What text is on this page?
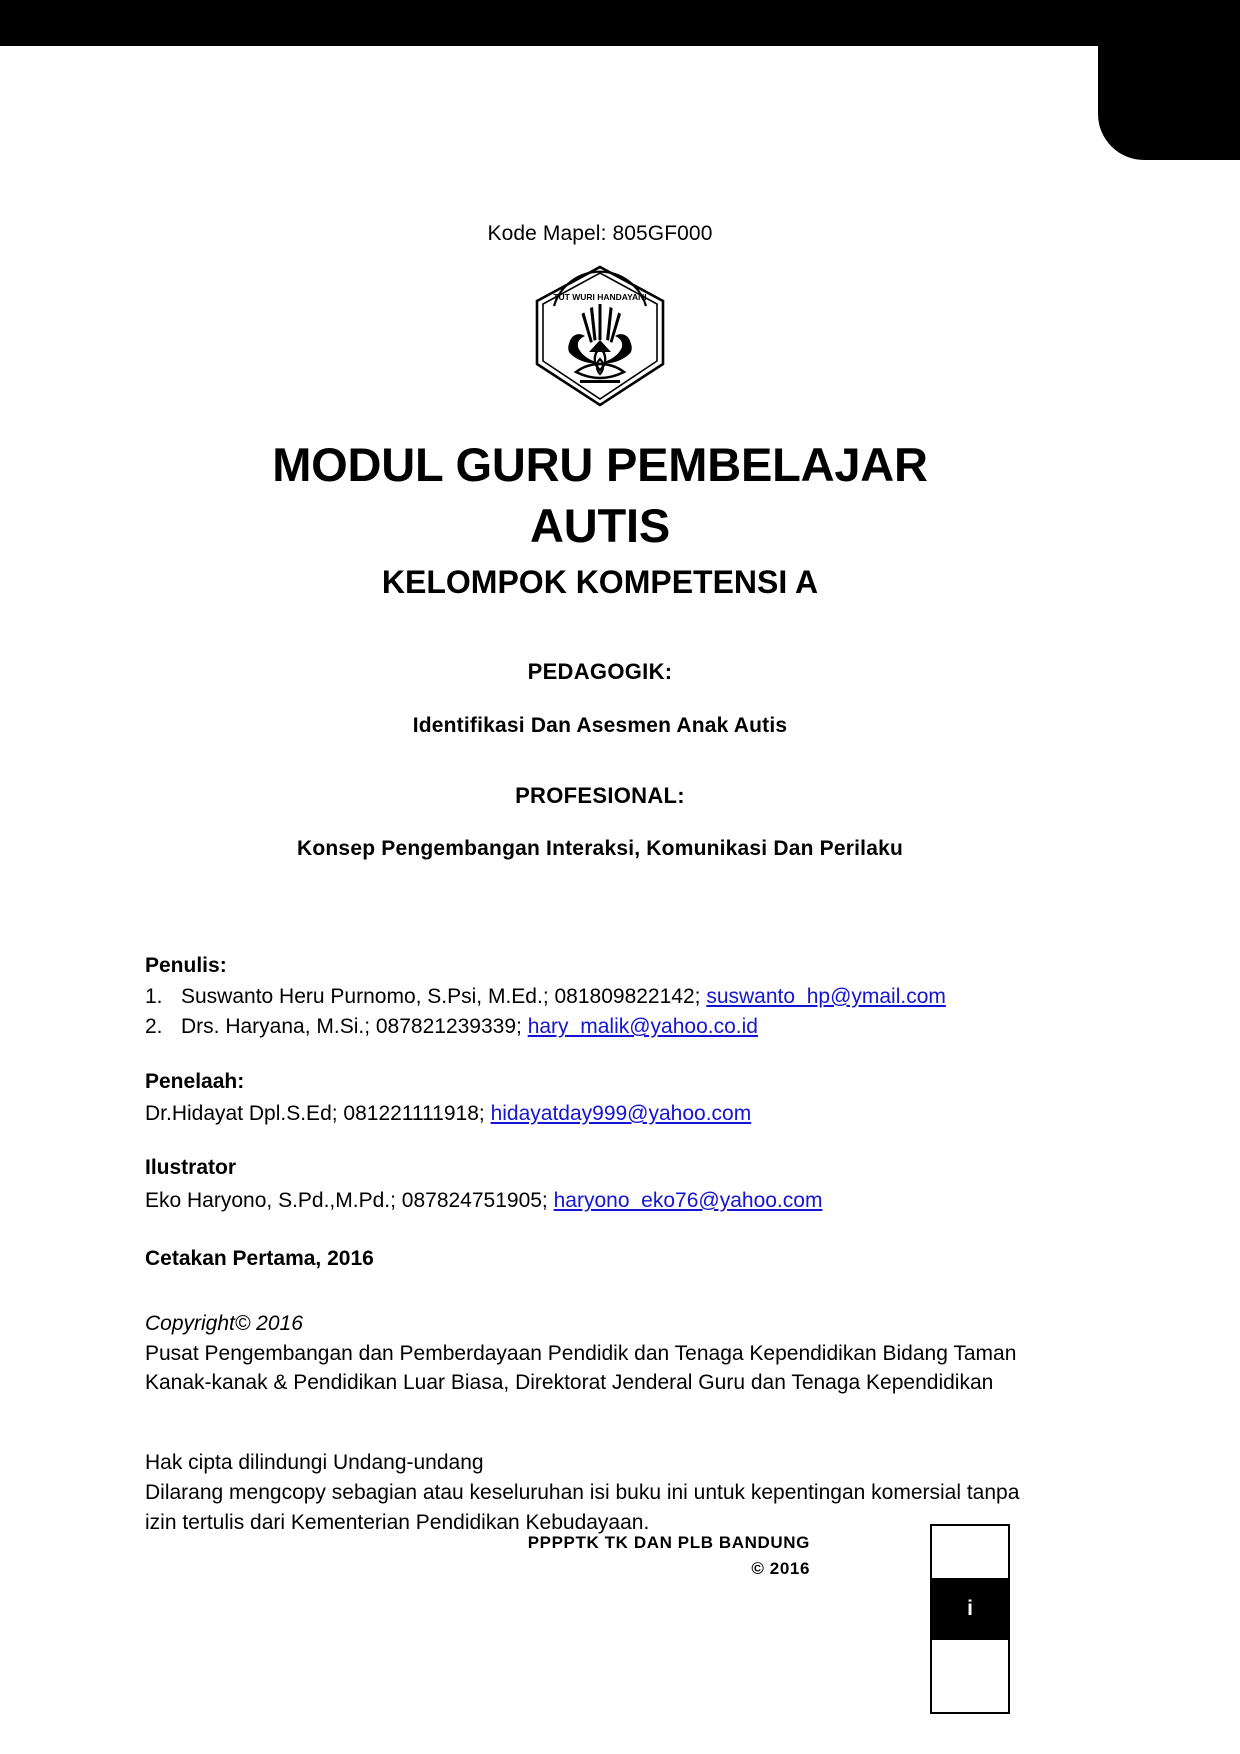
Kode Mapel: 805GF000
TUT WURI HANDAYANI
MODUL GURU PEMBELAJAR
AUTIS
KELOMPOK KOMPETENSI A
PEDAGOGIK:
Identifikasi Dan Asesmen Anak Autis
PROFESIONAL:
Konsep Pengembangan Interaksi, Komunikasi Dan Perilaku
Penulis:
1. Suswanto Heru Purnomo, S.Psi, M.Ed.; 081809822142; suswanto_hp@ymail.com
2. Drs. Haryana, M.Si.; 087821239339; hary_malik@yahoo.co.id
Penelaah:
Dr.Hidayat Dpl.S.Ed; 081221111918; hidayatday999@yahoo.com
Ilustrator
Eko Haryono, S.Pd.,M.Pd.; 087824751905; haryono_eko76@yahoo.com
Cetakan Pertama, 2016
Copyright© 2016
Pusat Pengembangan dan Pemberdayaan Pendidik dan Tenaga Kependidikan Bidang Taman Kanak-kanak & Pendidikan Luar Biasa, Direktorat Jenderal Guru dan Tenaga Kependidikan
Hak cipta dilindungi Undang-undang
Dilarang mengcopy sebagian atau keseluruhan isi buku ini untuk kepentingan komersial tanpa izin tertulis dari Kementerian Pendidikan Kebudayaan.
PPPPTK TK DAN PLB BANDUNG
© 2016
i
